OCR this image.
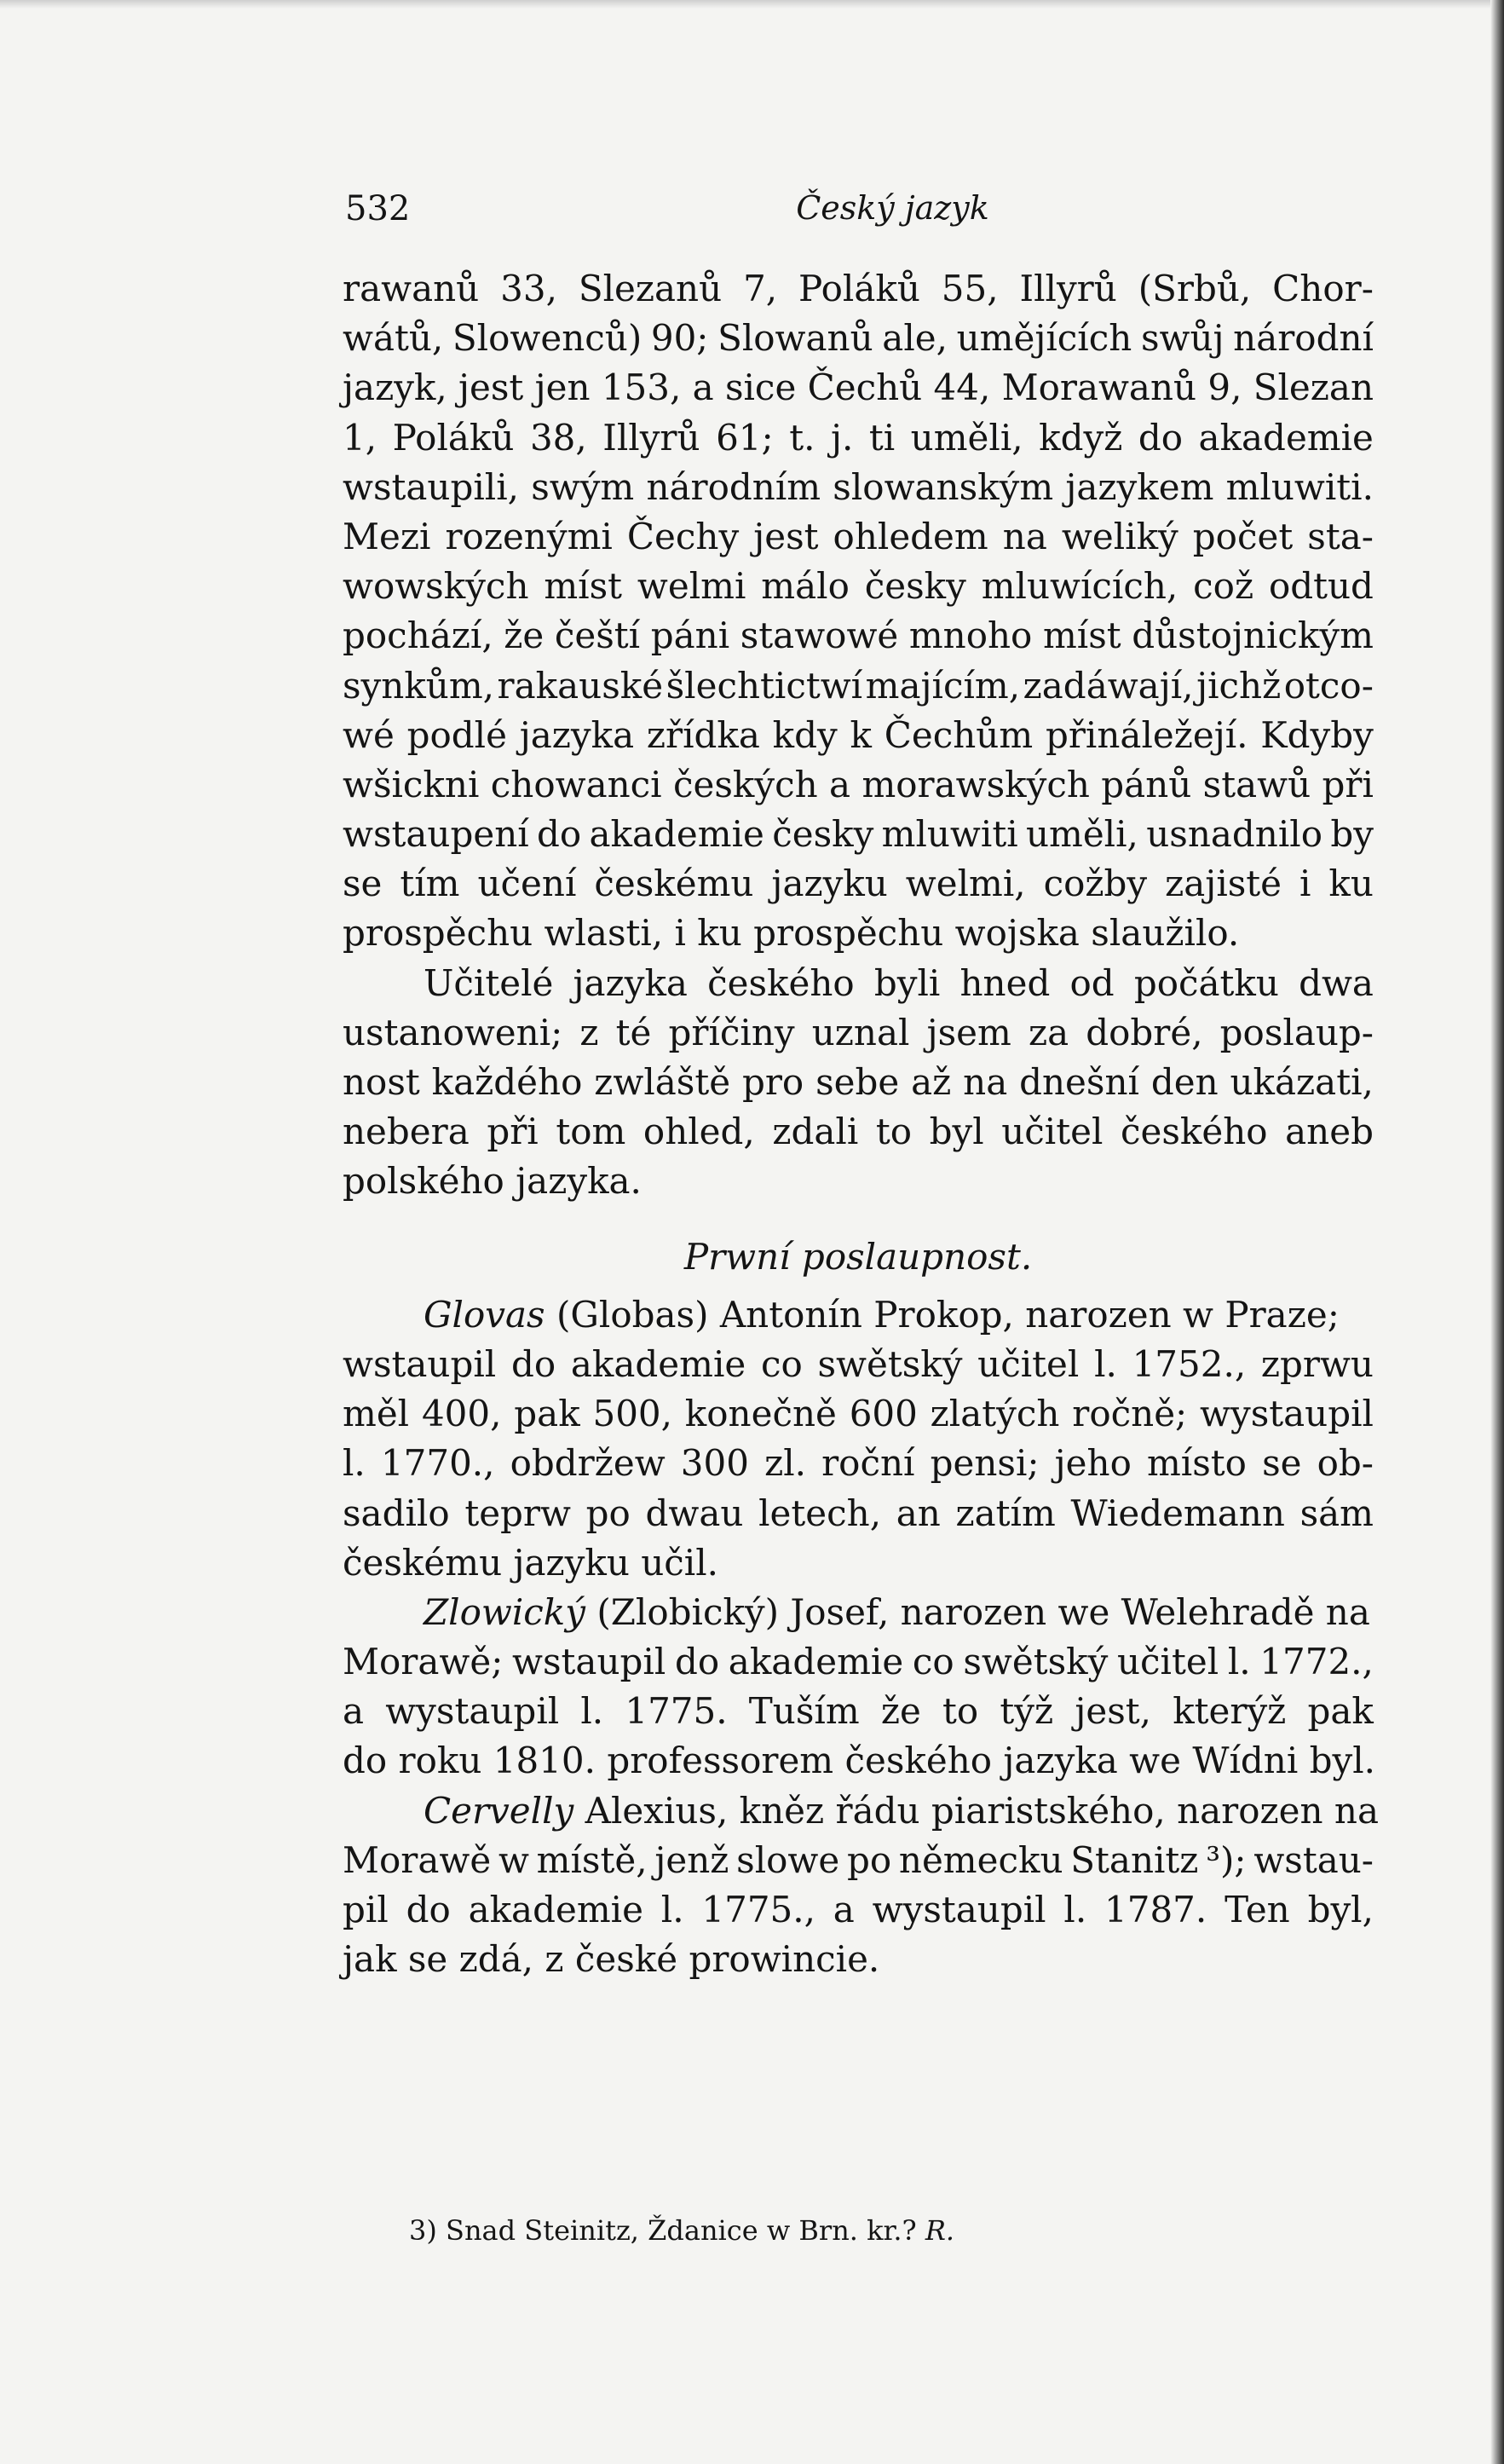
532	Český jazyk
rawanů 33, Slezanů 7, Poláků 55, Illyrů (Srbů, Chor-
wátů, Slowenců) 90; Slowanů ale, umějících swůj národní
jazyk, jest jen 153, a sice Čechů 44, Morawanů 9, Slezan
1, Poláků 38, Illyrů 61; t. j. ti uměli, když do akademie
wstaupili, swým národním slowanským jazykem mluwiti.
Mezi rozenými Čechy jest ohledem na weliký počet sta-
wowských míst welmi málo česky mluwících, což odtud
pochází, že čeští páni stawowé mnoho míst důstojnickým
synkům, rakauské šlechtictwí majícím, zadáwají, jichž otco-
wé podlé jazyka zřídka kdy k Čechům přináležejí. Kdyby
wšickni chowanci českých a morawských pánů stawů při
wstaupení do akademie česky mluwiti uměli, usnadnilo by
se tím učení českému jazyku welmi, cožby zajisté i ku
prospěchu wlasti, i ku prospěchu wojska slaužilo.
Učitelé jazyka českého byli hned od počátku dwa
ustanoweni; z té příčiny uznal jsem za dobré, poslaup-
nost každého zwláště pro sebe až na dnešní den ukázati,
nebera při tom ohled, zdali to byl učitel českého aneb
polského jazyka.
Prwní poslaupnost.
Glovas (Globas) Antonín Prokop, narozen w Praze;
wstaupil do akademie co swětský učitel l. 1752., zprwu
měl 400, pak 500, konečně 600 zlatých ročně; wystaupil
l. 1770., obdržew 300 zl. roční pensi; jeho místo se ob-
sadilo teprw po dwau letech, an zatím Wiedemann sám
českému jazyku učil.
Zlowický (Zlobický) Josef, narozen we Welehradě na
Morawě; wstaupil do akademie co swětský učitel l. 1772.,
a wystaupil l. 1775. Tuším že to týž jest, kterýž pak
do roku 1810. professorem českého jazyka we Wídni byl.
Cervelly Alexius, kněz řádu piaristského, narozen na
Morawě w místě, jenž slowe po německu Stanitz ³); wstau-
pil do akademie l. 1775., a wystaupil l. 1787. Ten byl,
jak se zdá, z české prowincie.
3) Snad Steinitz, Ždanice w Brn. kr.? R.
